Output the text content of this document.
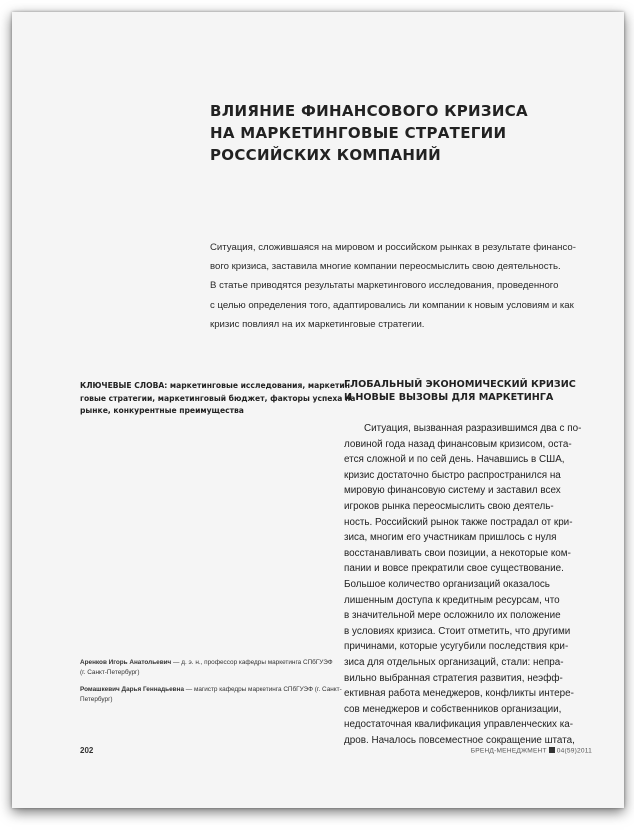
ВЛИЯНИЕ ФИНАНСОВОГО КРИЗИСА
НА МАРКЕТИНГОВЫЕ СТРАТЕГИИ
РОССИЙСКИХ КОМПАНИЙ

Ситуация, сложившаяся на мировом и российском рынках в результате финансо-
вого кризиса, заставила многие компании переосмыслить свою деятельность.
В статье приводятся результаты маркетингового исследования, проведенного
с целью определения того, адаптировались ли компании к новым условиям и как
кризис повлиял на их маркетинговые стратегии.

КЛЮЧЕВЫЕ СЛОВА: маркетинговые исследования, маркетин-
говые стратегии, маркетинговый бюджет, факторы успеха на
рынке, конкурентные преимущества
ГЛОБАЛЬНЫЙ ЭКОНОМИЧЕСКИЙ КРИЗИС
И НОВЫЕ ВЫЗОВЫ ДЛЯ МАРКЕТИНГА

Ситуация, вызванная разразившимся два с по-
ловиной года назад финансовым кризисом, оста-
ется сложной и по сей день. Начавшись в США,
кризис достаточно быстро распространился на
мировую финансовую систему и заставил всех
игроков рынка переосмыслить свою деятель-
ность. Российский рынок также пострадал от кри-
зиса, многим его участникам пришлось с нуля
восстанавливать свои позиции, а некоторые ком-
пании и вовсе прекратили свое существование.
Большое количество организаций оказалось
лишенным доступа к кредитным ресурсам, что
в значительной мере осложнило их положение
в условиях кризиса. Стоит отметить, что другими
причинами, которые усугубили последствия кри-
зиса для отдельных организаций, стали: непра-
вильно выбранная стратегия развития, неэфф-
ективная работа менеджеров, конфликты интере-
сов менеджеров и собственников организации,
недостаточная квалификация управленческих ка-
дров. Началось повсеместное сокращение штата,

Аренков Игорь Анатольевич — д. э. н., профессор кафедры маркетинга СПбГУЭФ
(г. Санкт-Петербург)

Ромашкевич Дарья Геннадьевна — магистр кафедры маркетинга СПбГУЭФ (г. Санкт-
Петербург)

202	БРЕНД-МЕНЕДЖМЕНТ 04(59)2011
